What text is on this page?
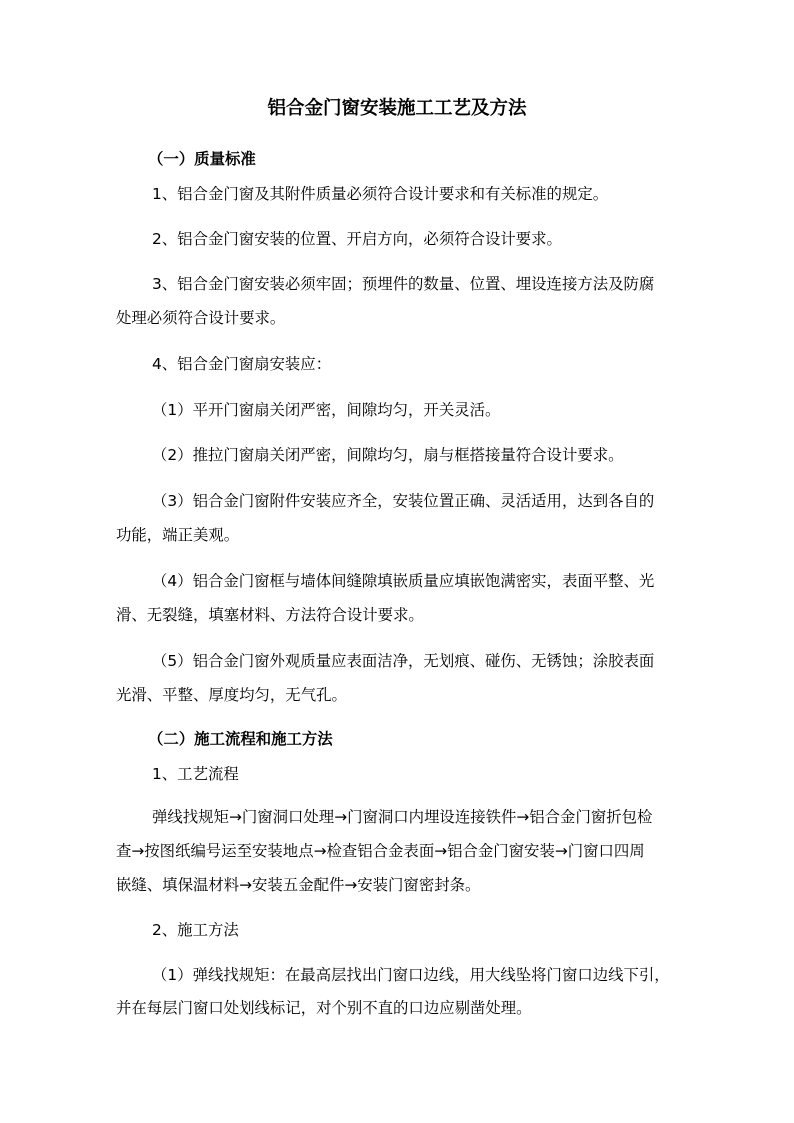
铝合金门窗安装施工工艺及方法
（一）质量标准
1、铝合金门窗及其附件质量必须符合设计要求和有关标准的规定。
2、铝合金门窗安装的位置、开启方向，必须符合设计要求。
3、铝合金门窗安装必须牢固；预埋件的数量、位置、埋设连接方法及防腐
处理必须符合设计要求。
4、铝合金门窗扇安装应：
（1）平开门窗扇关闭严密，间隙均匀，开关灵活。
（2）推拉门窗扇关闭严密，间隙均匀，扇与框搭接量符合设计要求。
（3）铝合金门窗附件安装应齐全，安装位置正确、灵活适用，达到各自的
功能，端正美观。
（4）铝合金门窗框与墙体间缝隙填嵌质量应填嵌饱满密实，表面平整、光
滑、无裂缝，填塞材料、方法符合设计要求。
（5）铝合金门窗外观质量应表面洁净，无划痕、碰伤、无锈蚀；涂胶表面
光滑、平整、厚度均匀，无气孔。
（二）施工流程和施工方法
1、工艺流程
弹线找规矩→门窗洞口处理→门窗洞口内埋设连接铁件→铝合金门窗折包检
查→按图纸编号运至安装地点→检查铝合金表面→铝合金门窗安装→门窗口四周
嵌缝、填保温材料→安装五金配件→安装门窗密封条。
2、施工方法
（1）弹线找规矩：在最高层找出门窗口边线，用大线坠将门窗口边线下引，
并在每层门窗口处划线标记，对个别不直的口边应剔凿处理。
